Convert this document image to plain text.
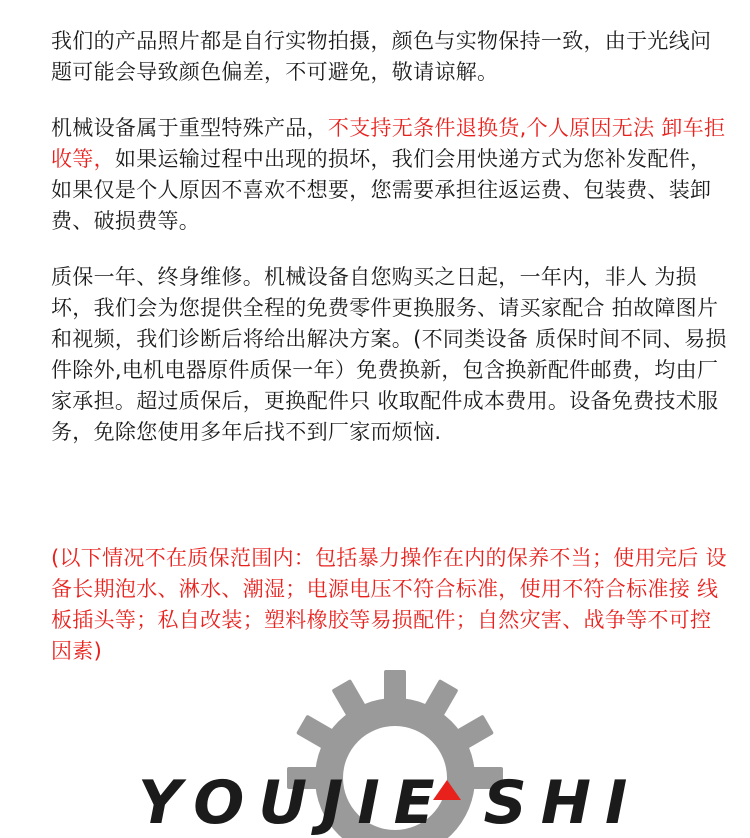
我们的产品照片都是自行实物拍摄，颜色与实物保持一致，由于光线问题可能会导致颜色偏差，不可避免，敬请谅解。

机械设备属于重型特殊产品，不支持无条件退换货,个人原因无法 卸车拒收等，如果运输过程中出现的损坏，我们会用快递方式为您补发配件，如果仅是个人原因不喜欢不想要，您需要承担往返运费、包装费、装卸费、破损费等。

质保一年、终身维修。机械设备自您购买之日起，一年内，非人 为损坏，我们会为您提供全程的免费零件更换服务、请买家配合 拍故障图片和视频，我们诊断后将给出解决方案。(不同类设备 质保时间不同、易损件除外,电机电器原件质保一年）免费换新，包含换新配件邮费，均由厂家承担。超过质保后，更换配件只 收取配件成本费用。设备免费技术服务，免除您使用多年后找不到厂家而烦恼.

(以下情况不在质保范围内：包括暴力操作在内的保养不当；使用完后 设备长期泡水、淋水、潮湿；电源电压不符合标准，使用不符合标准接 线板插头等；私自改装；塑料橡胶等易损配件；自然灾害、战争等不可控因素)

YOUJIE SHI
